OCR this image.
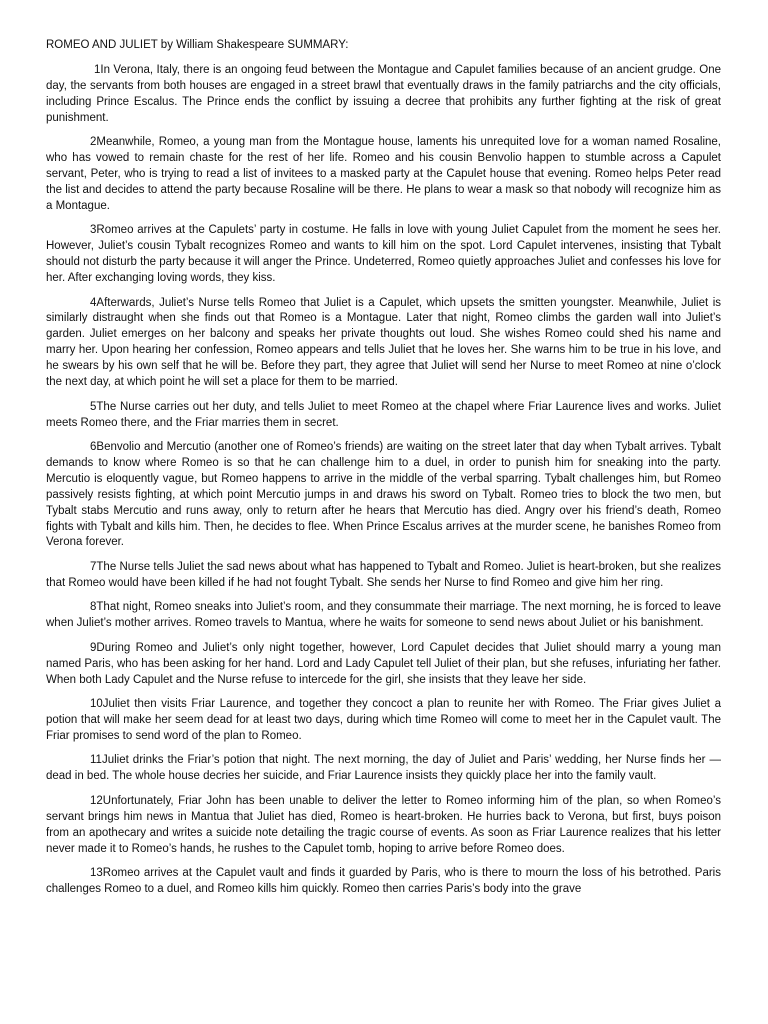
ROMEO AND JULIET by William Shakespeare SUMMARY:

1In Verona, Italy, there is an ongoing feud between the Montague and Capulet families because of an ancient grudge. One day, the servants from both houses are engaged in a street brawl that eventually draws in the family patriarchs and the city officials, including Prince Escalus. The Prince ends the conflict by issuing a decree that prohibits any further fighting at the risk of great punishment.

2Meanwhile, Romeo, a young man from the Montague house, laments his unrequited love for a woman named Rosaline, who has vowed to remain chaste for the rest of her life. Romeo and his cousin Benvolio happen to stumble across a Capulet servant, Peter, who is trying to read a list of invitees to a masked party at the Capulet house that evening. Romeo helps Peter read the list and decides to attend the party because Rosaline will be there. He plans to wear a mask so that nobody will recognize him as a Montague.

3Romeo arrives at the Capulets’ party in costume. He falls in love with young Juliet Capulet from the moment he sees her. However, Juliet’s cousin Tybalt recognizes Romeo and wants to kill him on the spot. Lord Capulet intervenes, insisting that Tybalt should not disturb the party because it will anger the Prince. Undeterred, Romeo quietly approaches Juliet and confesses his love for her. After exchanging loving words, they kiss.

4Afterwards, Juliet’s Nurse tells Romeo that Juliet is a Capulet, which upsets the smitten youngster. Meanwhile, Juliet is similarly distraught when she finds out that Romeo is a Montague. Later that night, Romeo climbs the garden wall into Juliet’s garden. Juliet emerges on her balcony and speaks her private thoughts out loud. She wishes Romeo could shed his name and marry her. Upon hearing her confession, Romeo appears and tells Juliet that he loves her. She warns him to be true in his love, and he swears by his own self that he will be. Before they part, they agree that Juliet will send her Nurse to meet Romeo at nine o’clock the next day, at which point he will set a place for them to be married.

5The Nurse carries out her duty, and tells Juliet to meet Romeo at the chapel where Friar Laurence lives and works. Juliet meets Romeo there, and the Friar marries them in secret.

6Benvolio and Mercutio (another one of Romeo’s friends) are waiting on the street later that day when Tybalt arrives. Tybalt demands to know where Romeo is so that he can challenge him to a duel, in order to punish him for sneaking into the party. Mercutio is eloquently vague, but Romeo happens to arrive in the middle of the verbal sparring. Tybalt challenges him, but Romeo passively resists fighting, at which point Mercutio jumps in and draws his sword on Tybalt. Romeo tries to block the two men, but Tybalt stabs Mercutio and runs away, only to return after he hears that Mercutio has died. Angry over his friend’s death, Romeo fights with Tybalt and kills him. Then, he decides to flee. When Prince Escalus arrives at the murder scene, he banishes Romeo from Verona forever.

7The Nurse tells Juliet the sad news about what has happened to Tybalt and Romeo. Juliet is heart-broken, but she realizes that Romeo would have been killed if he had not fought Tybalt. She sends her Nurse to find Romeo and give him her ring.

8That night, Romeo sneaks into Juliet’s room, and they consummate their marriage. The next morning, he is forced to leave when Juliet’s mother arrives. Romeo travels to Mantua, where he waits for someone to send news about Juliet or his banishment.

9During Romeo and Juliet’s only night together, however, Lord Capulet decides that Juliet should marry a young man named Paris, who has been asking for her hand. Lord and Lady Capulet tell Juliet of their plan, but she refuses, infuriating her father. When both Lady Capulet and the Nurse refuse to intercede for the girl, she insists that they leave her side.

10Juliet then visits Friar Laurence, and together they concoct a plan to reunite her with Romeo. The Friar gives Juliet a potion that will make her seem dead for at least two days, during which time Romeo will come to meet her in the Capulet vault. The Friar promises to send word of the plan to Romeo.

11Juliet drinks the Friar’s potion that night. The next morning, the day of Juliet and Paris’ wedding, her Nurse finds her —dead in bed. The whole house decries her suicide, and Friar Laurence insists they quickly place her into the family vault.

12Unfortunately, Friar John has been unable to deliver the letter to Romeo informing him of the plan, so when Romeo’s servant brings him news in Mantua that Juliet has died, Romeo is heart-broken. He hurries back to Verona, but first, buys poison from an apothecary and writes a suicide note detailing the tragic course of events. As soon as Friar Laurence realizes that his letter never made it to Romeo’s hands, he rushes to the Capulet tomb, hoping to arrive before Romeo does.

13Romeo arrives at the Capulet vault and finds it guarded by Paris, who is there to mourn the loss of his betrothed. Paris challenges Romeo to a duel, and Romeo kills him quickly. Romeo then carries Paris’s body into the grave
